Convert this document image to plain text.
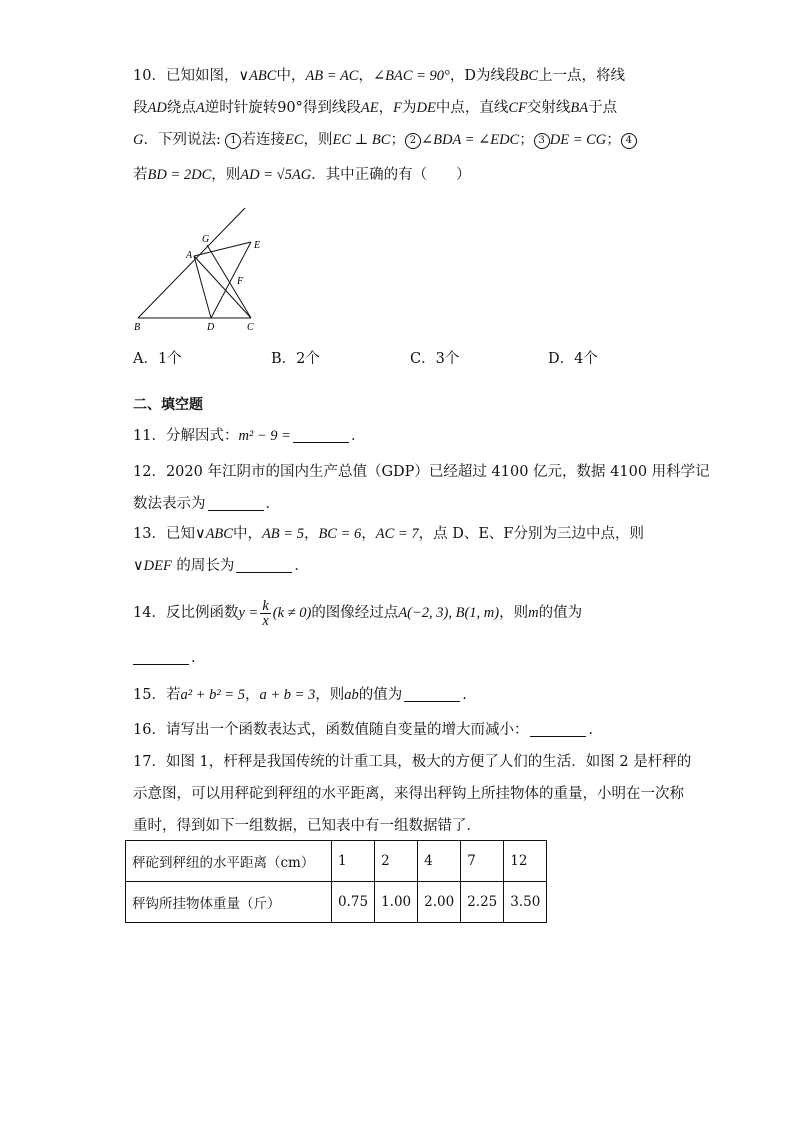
10．已知如图，∨ABC中，AB = AC，∠BAC = 90°，D为线段BC上一点，将线
段AD绕点A逆时针旋转90°得到线段AE，F为DE中点，直线CF交射线BA于点
G．下列说法: 1 若连接EC，则EC ⊥ BC； 2 ∠BDA = ∠EDC； 3 DE = CG； 4
若BD = 2DC，则AD = √5AG．其中正确的有（　　）
G
E
A
F
B	D	C
A．1个	B．2个	C．3个	D．4个
二、填空题
11．分解因式：m² − 9 =	．
12．2020 年江阴市的国内生产总值（GDP）已经超过 4100 亿元，数据 4100 用科学记
数法表示为	．
13．已知∨ABC中，AB = 5，BC = 6，AC = 7，点 D、E、F分别为三边中点，则
∨DEF 的周长为	．
14．反比例函数$y = \frac{k}{x} (k \ne 0)$的图像经过点A(−2, 3), B(1, m)，则m的值为
．
15．若a² + b² = 5，a + b = 3，则ab的值为	.
16．请写出一个函数表达式，函数值随自变量的增大而减小：	．
17．如图 1，杆秤是我国传统的计重工具，极大的方便了人们的生活．如图 2 是杆秤的
示意图，可以用秤砣到秤纽的水平距离，来得出秤钩上所挂物体的重量，小明在一次称
重时，得到如下一组数据，已知表中有一组数据错了．
秤砣到秤纽的水平距离（cm）	1	2	4	7	12
秤钩所挂物体重量（斤）	0.75	1.00	2.00	2.25	3.50
